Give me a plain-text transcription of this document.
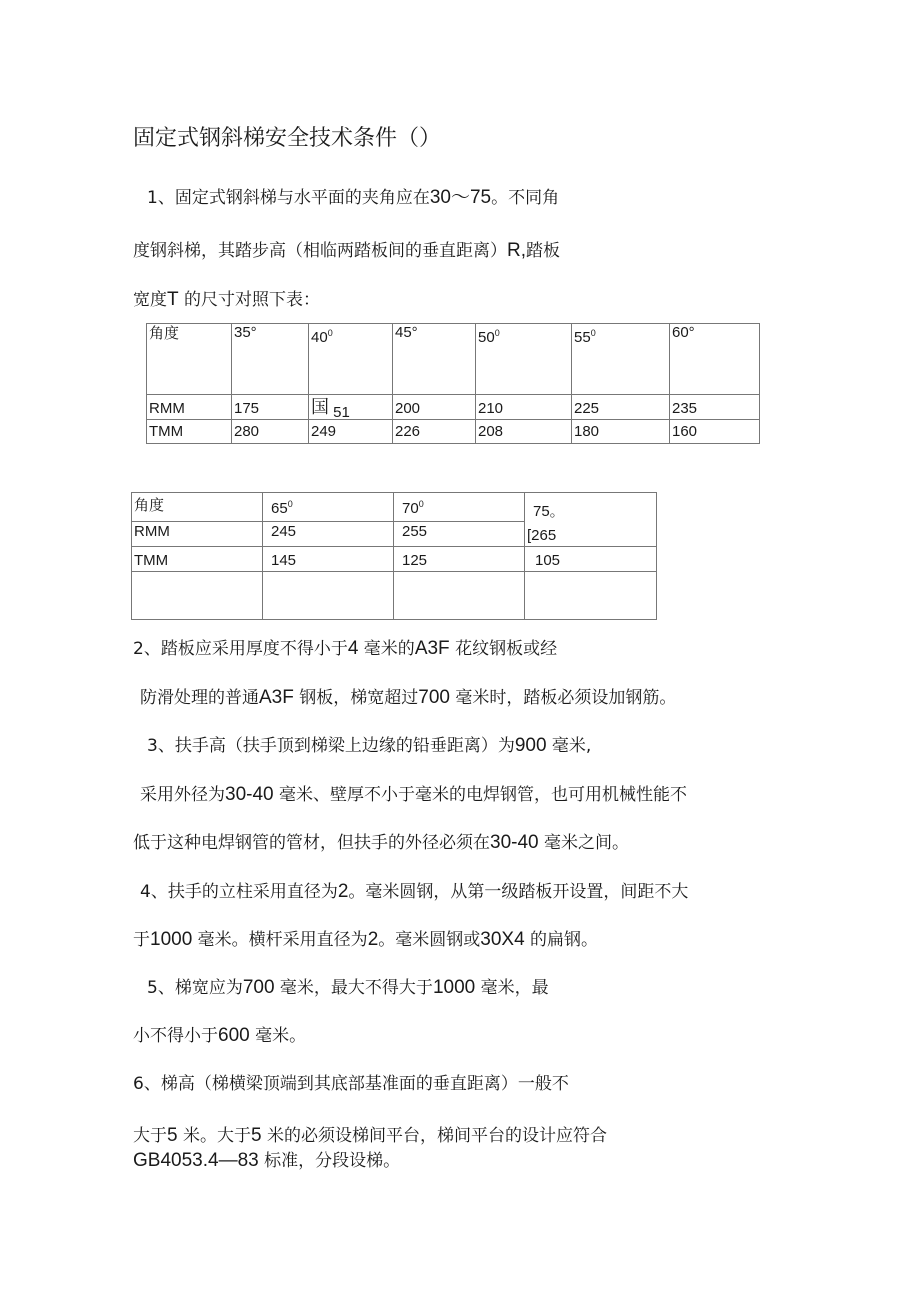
固定式钢斜梯安全技术条件（）
1、固定式钢斜梯与水平面的夹角应在30〜75。不同角
度钢斜梯，其踏步高（相临两踏板间的垂直距离）R,踏板
宽度T 的尺寸对照下表：
角度	35°	$40^0$	45°	$50^0$	$55^0$	60°
RMM	175	国 51	200	210	225	235
TMM	280	249	226	208	180	160
角度	$65^0$	$70^0$	75。
RMM	245	255	[265
TMM	145	125	105

2、踏板应采用厚度不得小于4 毫米的A3F 花纹钢板或经
防滑处理的普通A3F 钢板，梯宽超过700 毫米时，踏板必须设加钢筋。
3、扶手高（扶手顶到梯梁上边缘的铅垂距离）为900 毫米,
采用外径为30-40 毫米、壁厚不小于毫米的电焊钢管，也可用机械性能不
低于这种电焊钢管的管材，但扶手的外径必须在30-40 毫米之间。
4、扶手的立柱采用直径为2。毫米圆钢，从第一级踏板开设置，间距不大
于1000 毫米。横杆采用直径为2。毫米圆钢或30X4 的扁钢。
5、梯宽应为700 毫米，最大不得大于1000 毫米，最
小不得小于600 毫米。
6、梯高（梯横梁顶端到其底部基准面的垂直距离）一般不
大于5 米。大于5 米的必须设梯间平台，梯间平台的设计应符合
GB4053.4—83 标准，分段设梯。
